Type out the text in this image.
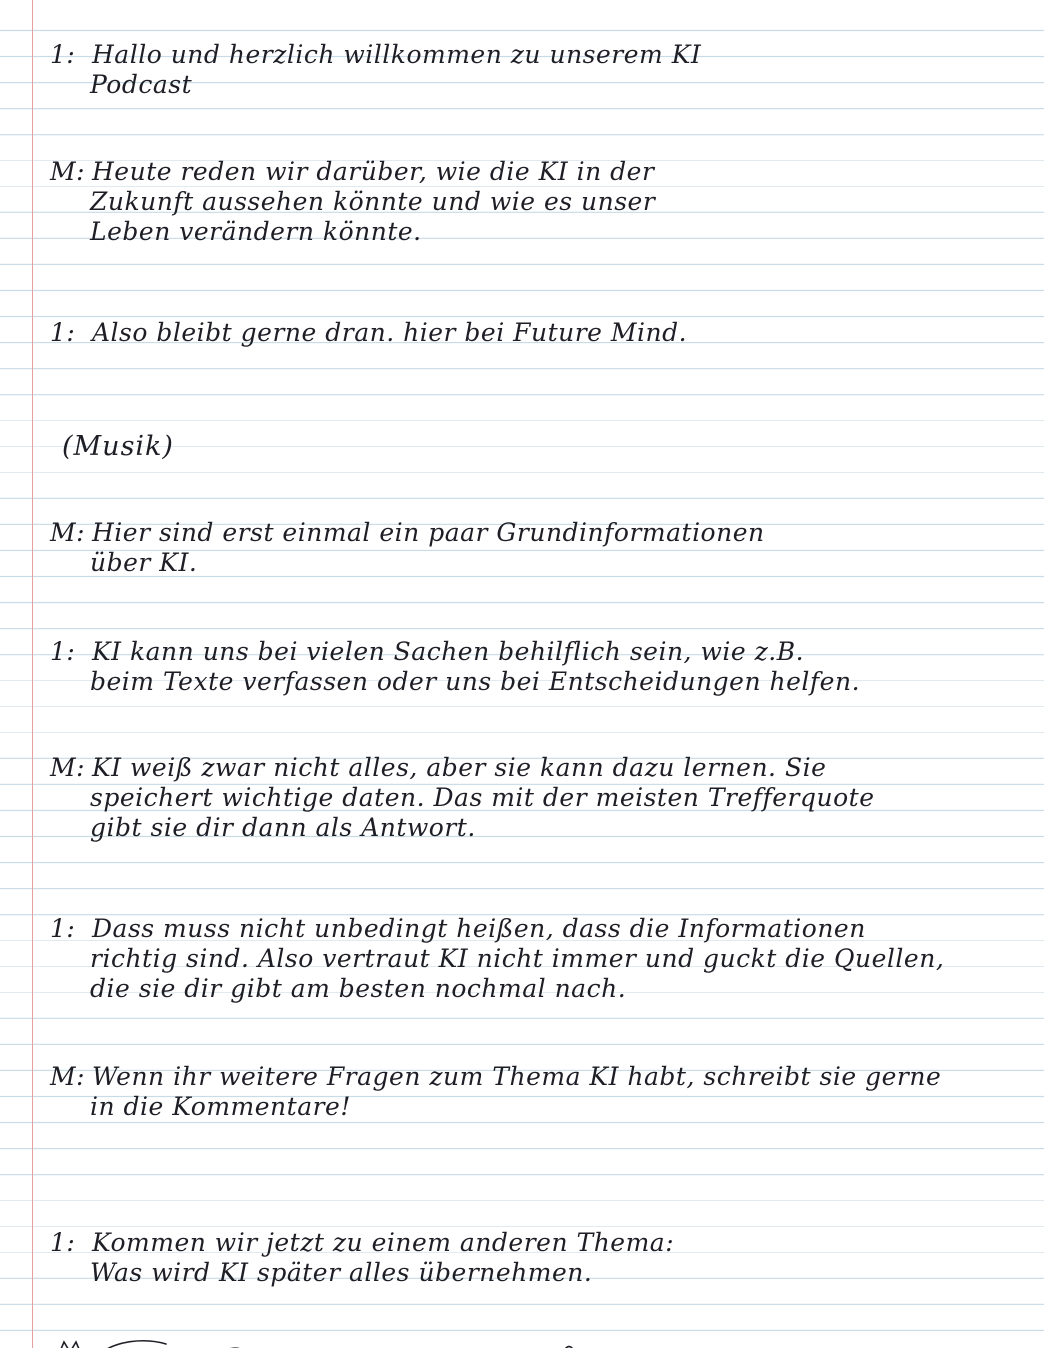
1: Hallo und herzlich willkommen zu unserem KI
Podcast
M: Heute reden wir darüber, wie die KI in der
Zukunft aussehen könnte und wie es unser
Leben verändern könnte.
1: Also bleibt gerne dran. hier bei Future Mind.
(Musik)
M: Hier sind erst einmal ein paar Grundinformationen
über KI.
1: KI kann uns bei vielen Sachen behilflich sein, wie z.B.
beim Texte verfassen oder uns bei Entscheidungen helfen.
M: KI weiß zwar nicht alles, aber sie kann dazu lernen. Sie
speichert wichtige daten. Das mit der meisten Trefferquote
gibt sie dir dann als Antwort.
1: Dass muss nicht unbedingt heißen, dass die Informationen
richtig sind. Also vertraut KI nicht immer und guckt die Quellen,
die sie dir gibt am besten nochmal nach.
M: Wenn ihr weitere Fragen zum Thema KI habt, schreibt sie gerne
in die Kommentare!
1: Kommen wir jetzt zu einem anderen Thema:
Was wird KI später alles übernehmen.
